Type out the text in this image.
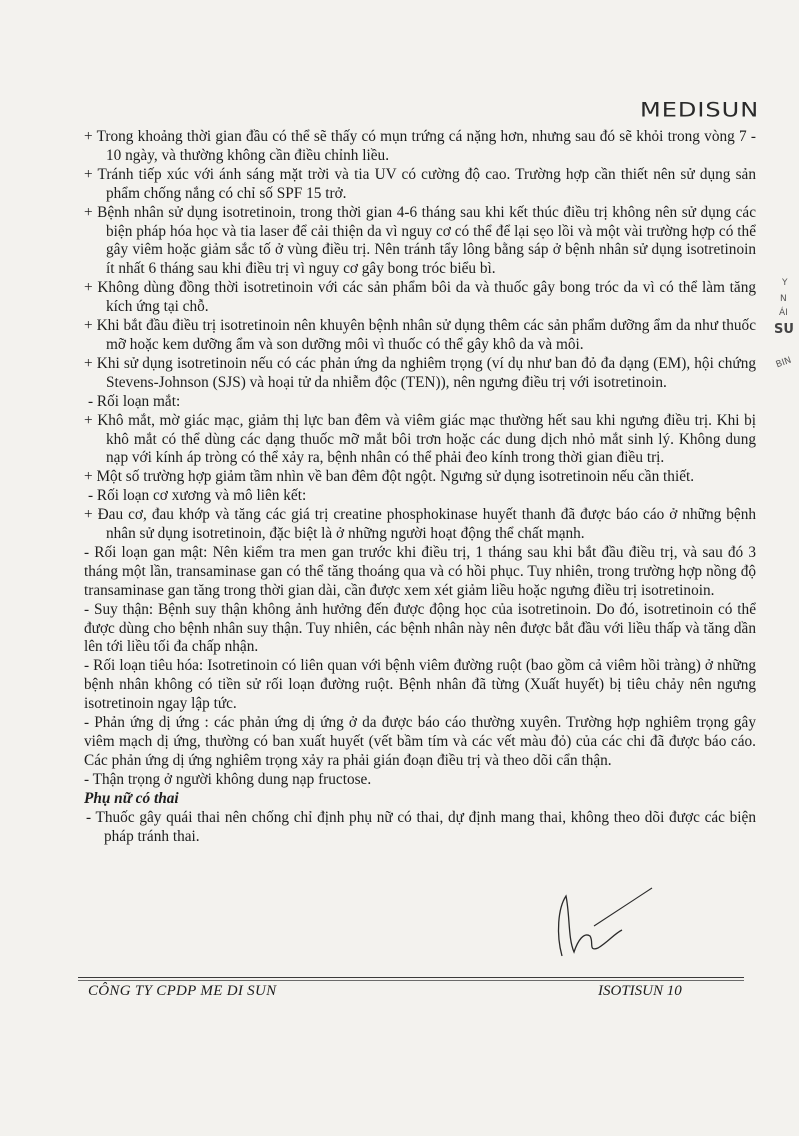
MEDISUN

+ Trong khoảng thời gian đầu có thể sẽ thấy có mụn trứng cá nặng hơn, nhưng sau đó sẽ khỏi trong vòng 7 - 10 ngày, và thường không cần điều chỉnh liều.

+ Tránh tiếp xúc với ánh sáng mặt trời và tia UV có cường độ cao. Trường hợp cần thiết nên sử dụng sản phẩm chống nắng có chỉ số SPF 15 trở.

+ Bệnh nhân sử dụng isotretinoin, trong thời gian 4-6 tháng sau khi kết thúc điều trị không nên sử dụng các biện pháp hóa học và tia laser để cải thiện da vì nguy cơ có thể để lại sẹo lồi và một vài trường hợp có thể gây viêm hoặc giảm sắc tố ở vùng điều trị. Nên tránh tẩy lông bằng sáp ở bệnh nhân sử dụng isotretinoin ít nhất 6 tháng sau khi điều trị vì nguy cơ gây bong tróc biểu bì.

+ Không dùng đồng thời isotretinoin với các sản phẩm bôi da và thuốc gây bong tróc da vì có thể làm tăng kích ứng tại chỗ.

+ Khi bắt đầu điều trị isotretinoin nên khuyên bệnh nhân sử dụng thêm các sản phẩm dưỡng ẩm da như thuốc mỡ hoặc kem dưỡng ẩm và son dưỡng môi vì thuốc có thể gây khô da và môi.

+ Khi sử dụng isotretinoin nếu có các phản ứng da nghiêm trọng (ví dụ như ban đỏ đa dạng (EM), hội chứng Stevens-Johnson (SJS) và hoại tử da nhiễm độc (TEN)), nên ngưng điều trị với isotretinoin.

- Rối loạn mắt:

+ Khô mắt, mờ giác mạc, giảm thị lực ban đêm và viêm giác mạc thường hết sau khi ngưng điều trị. Khi bị khô mắt có thể dùng các dạng thuốc mỡ mắt bôi trơn hoặc các dung dịch nhỏ mắt sinh lý. Không dung nạp với kính áp tròng có thể xảy ra, bệnh nhân có thể phải đeo kính trong thời gian điều trị.

+ Một số trường hợp giảm tầm nhìn về ban đêm đột ngột. Ngưng sử dụng isotretinoin nếu cần thiết.

- Rối loạn cơ xương và mô liên kết:

+ Đau cơ, đau khớp và tăng các giá trị creatine phosphokinase huyết thanh đã được báo cáo ở những bệnh nhân sử dụng isotretinoin, đặc biệt là ở những người hoạt động thể chất mạnh.

- Rối loạn gan mật: Nên kiểm tra men gan trước khi điều trị, 1 tháng sau khi bắt đầu điều trị, và sau đó 3 tháng một lần, transaminase gan có thể tăng thoáng qua và có hồi phục. Tuy nhiên, trong trường hợp nồng độ transaminase gan tăng trong thời gian dài, cần được xem xét giảm liều hoặc ngưng điều trị isotretinoin.

- Suy thận: Bệnh suy thận không ảnh hưởng đến được động học của isotretinoin. Do đó, isotretinoin có thể được dùng cho bệnh nhân suy thận. Tuy nhiên, các bệnh nhân này nên được bắt đầu với liều thấp và tăng dần lên tới liều tối đa chấp nhận.

- Rối loạn tiêu hóa: Isotretinoin có liên quan với bệnh viêm đường ruột (bao gồm cả viêm hồi tràng) ở những bệnh nhân không có tiền sử rối loạn đường ruột. Bệnh nhân đã từng (Xuất huyết) bị tiêu chảy nên ngưng isotretinoin ngay lập tức.

- Phản ứng dị ứng : các phản ứng dị ứng ở da được báo cáo thường xuyên. Trường hợp nghiêm trọng gây viêm mạch dị ứng, thường có ban xuất huyết (vết bầm tím và các vết màu đỏ) của các chi đã được báo cáo. Các phản ứng dị ứng nghiêm trọng xảy ra phải gián đoạn điều trị và theo dõi cẩn thận.

- Thận trọng ở người không dung nạp fructose.

Phụ nữ có thai

- Thuốc gây quái thai nên chống chỉ định phụ nữ có thai, dự định mang thai, không theo dõi được các biện pháp tránh thai.

CÔNG TY CPDP ME DI SUN	ISOTISUN 10
Y
N
ÁI
SU
BIN
